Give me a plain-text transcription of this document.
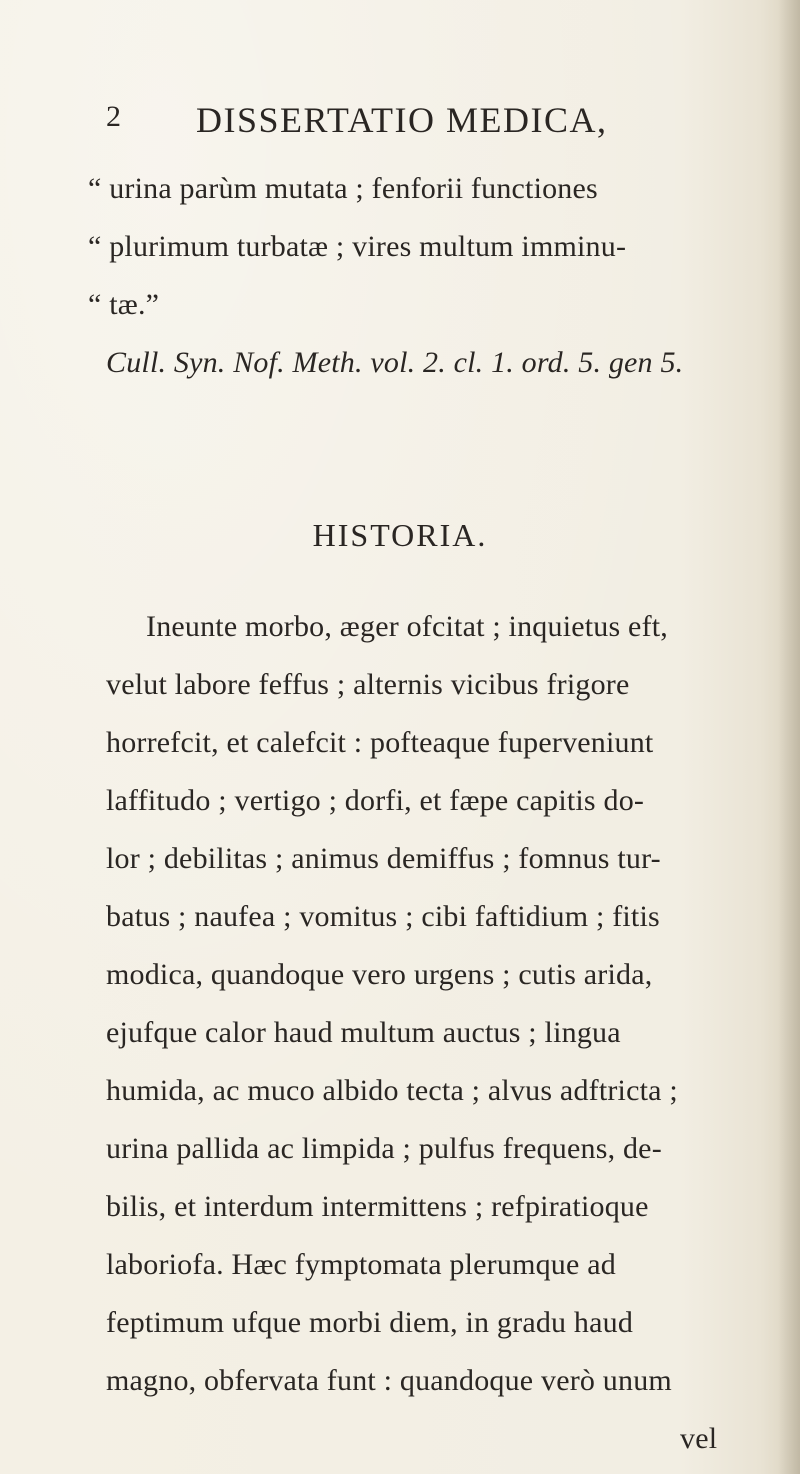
2 DISSERTATIO MEDICA,
“ urina parùm mutata ; fenforii functiones
“ plurimum turbatæ ; vires multum imminu-
“ tæ.”
Cull. Syn. Nof. Meth. vol. 2. cl. 1. ord. 5. gen 5.
HISTORIA.
Ineunte morbo, æger ofcitat ; inquietus eft,
velut labore feffus ; alternis vicibus frigore
horrefcit, et calefcit : pofteaque fuperveniunt
laffitudo ; vertigo ; dorfi, et fæpe capitis do-
lor ; debilitas ; animus demiffus ; fomnus tur-
batus ; naufea ; vomitus ; cibi faftidium ; fitis
modica, quandoque vero urgens ; cutis arida,
ejufque calor haud multum auctus ; lingua
humida, ac muco albido tecta ; alvus adftricta ;
urina pallida ac limpida ; pulfus frequens, de-
bilis, et interdum intermittens ; refpiratioque
laboriofa. Hæc fymptomata plerumque ad
feptimum ufque morbi diem, in gradu haud
magno, obfervata funt : quandoque verò unum
vel
